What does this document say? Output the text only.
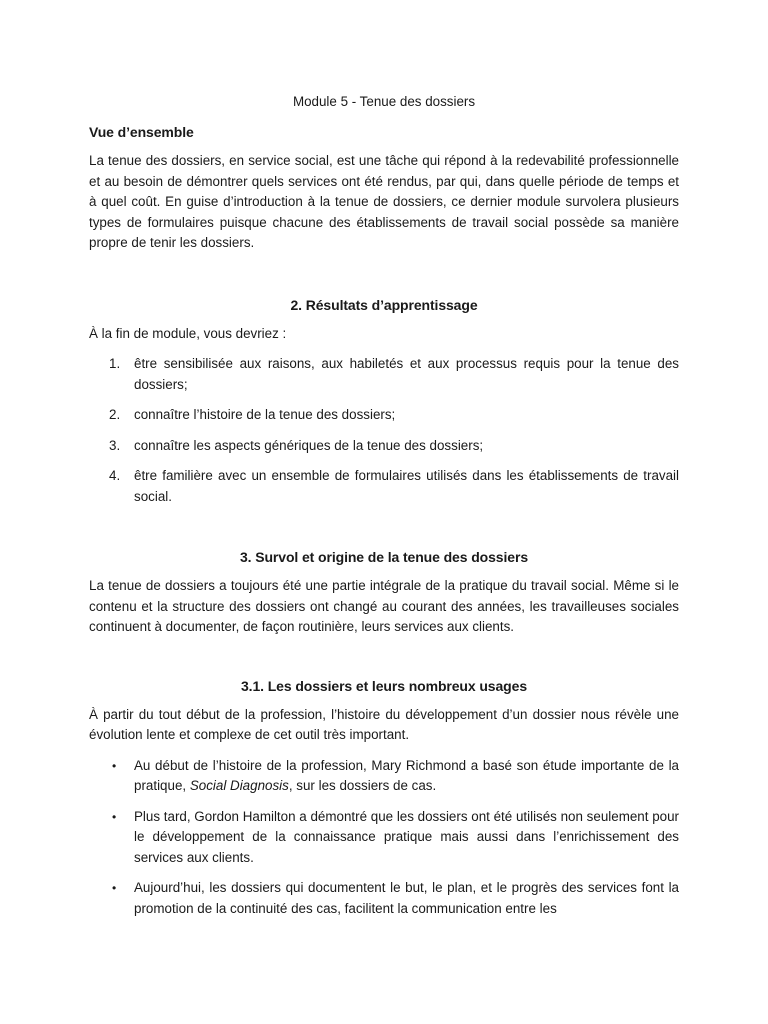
Module 5 - Tenue des dossiers
Vue d’ensemble

La tenue des dossiers, en service social, est une tâche qui répond à la redevabilité professionnelle et au besoin de démontrer quels services ont été rendus, par qui, dans quelle période de temps et à quel coût. En guise d’introduction à la tenue de dossiers, ce dernier module survolera plusieurs types de formulaires puisque chacune des établissements de travail social possède sa manière propre de tenir les dossiers.

2. Résultats d’apprentissage

À la fin de module, vous devriez :

1. être sensibilisée aux raisons, aux habiletés et aux processus requis pour la tenue des dossiers;
2. connaître l’histoire de la tenue des dossiers;
3. connaître les aspects génériques de la tenue des dossiers;
4. être familière avec un ensemble de formulaires utilisés dans les établissements de travail social.
3. Survol et origine de la tenue des dossiers

La tenue de dossiers a toujours été une partie intégrale de la pratique du travail social. Même si le contenu et la structure des dossiers ont changé au courant des années, les travailleuses sociales continuent à documenter, de façon routinière, leurs services aux clients.

3.1. Les dossiers et leurs nombreux usages

À partir du tout début de la profession, l’histoire du développement d’un dossier nous révèle une évolution lente et complexe de cet outil très important.

• Au début de l’histoire de la profession, Mary Richmond a basé son étude importante de la pratique, Social Diagnosis, sur les dossiers de cas.
• Plus tard, Gordon Hamilton a démontré que les dossiers ont été utilisés non seulement pour le développement de la connaissance pratique mais aussi dans l’enrichissement des services aux clients.
• Aujourd’hui, les dossiers qui documentent le but, le plan, et le progrès des services font la promotion de la continuité des cas, facilitent la communication entre les
